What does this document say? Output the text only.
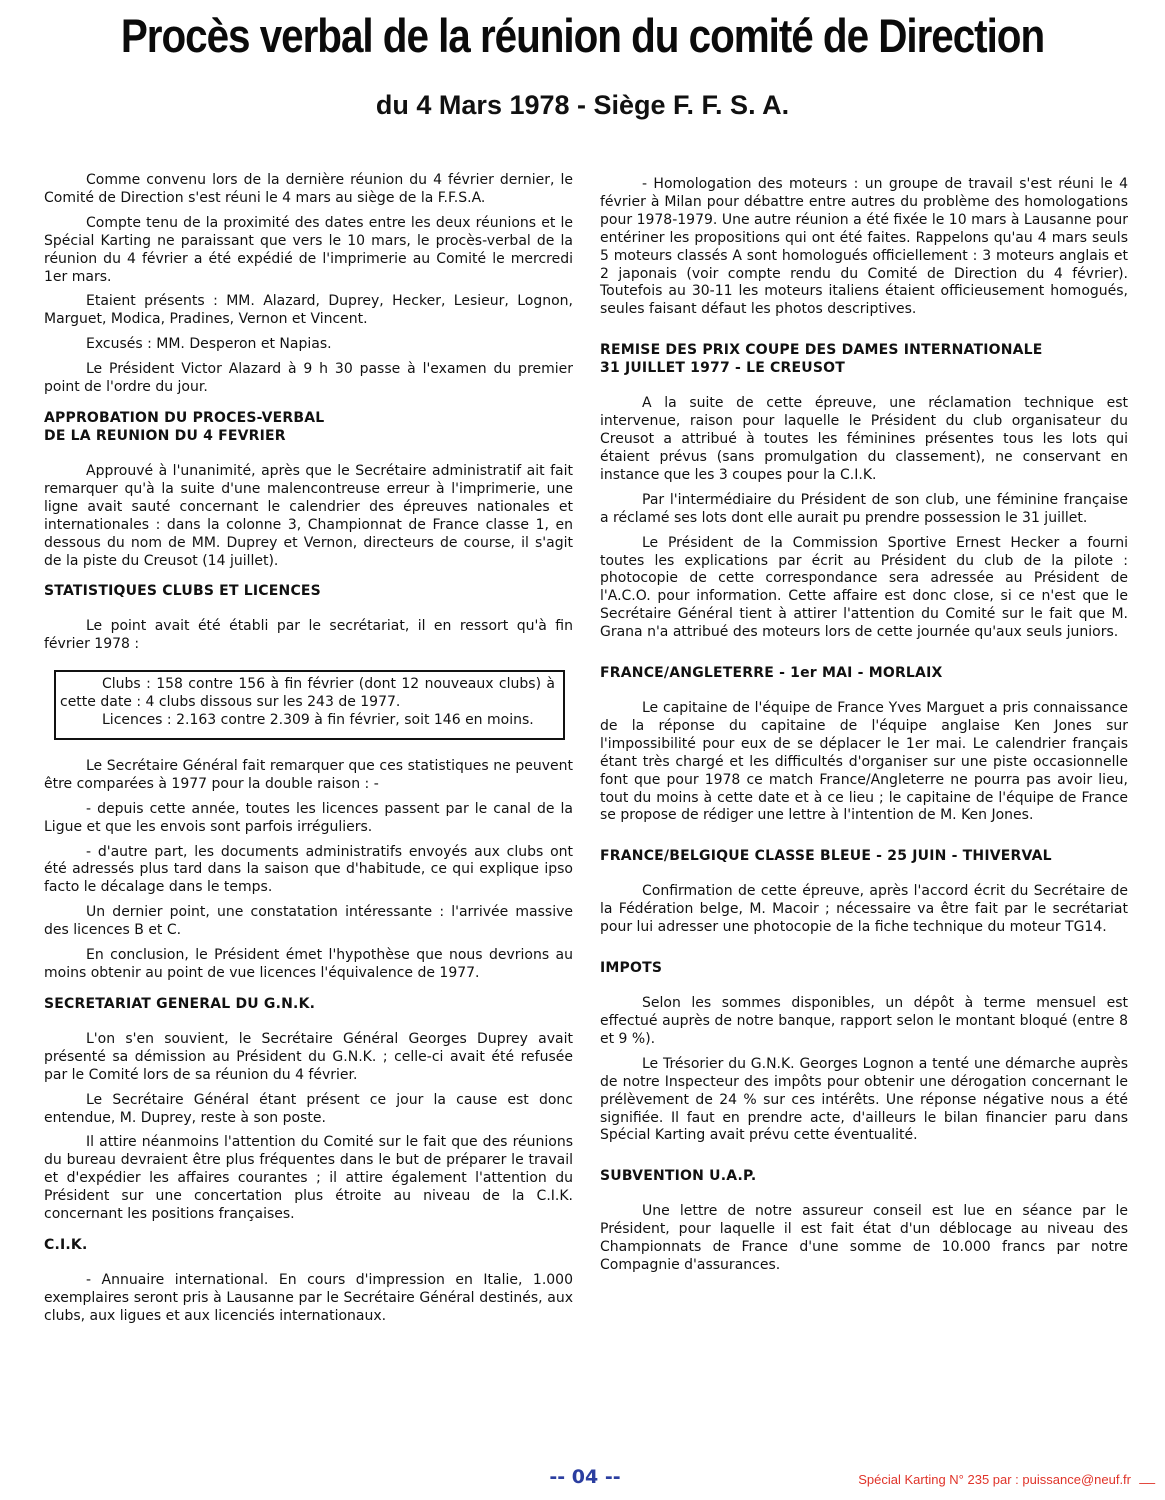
Procès verbal de la réunion du comité de Direction
du 4 Mars 1978 - Siège F. F. S. A.

Comme convenu lors de la dernière réunion du 4 février dernier, le Comité de Direction s'est réuni le 4 mars au siège de la F.F.S.A.

Compte tenu de la proximité des dates entre les deux réunions et le Spécial Karting ne paraissant que vers le 10 mars, le procès-verbal de la réunion du 4 février a été expédié de l'imprimerie au Comité le mercredi 1er mars.

Etaient présents : MM. Alazard, Duprey, Hecker, Lesieur, Lognon, Marguet, Modica, Pradines, Vernon et Vincent.

Excusés : MM. Desperon et Napias.

Le Président Victor Alazard à 9 h 30 passe à l'examen du premier point de l'ordre du jour.

APPROBATION DU PROCES-VERBAL
DE LA REUNION DU 4 FEVRIER

Approuvé à l'unanimité, après que le Secrétaire administratif ait fait remarquer qu'à la suite d'une malencontreuse erreur à l'imprimerie, une ligne avait sauté concernant le calendrier des épreuves nationales et internationales : dans la colonne 3, Championnat de France classe 1, en dessous du nom de MM. Duprey et Vernon, directeurs de course, il s'agit de la piste du Creusot (14 juillet).

STATISTIQUES CLUBS ET LICENCES

Le point avait été établi par le secrétariat, il en ressort qu'à fin février 1978 :

Clubs : 158 contre 156 à fin février (dont 12 nouveaux clubs) à cette date : 4 clubs dissous sur les 243 de 1977.

Licences : 2.163 contre 2.309 à fin février, soit 146 en moins.

Le Secrétaire Général fait remarquer que ces statistiques ne peuvent être comparées à 1977 pour la double raison : -

- depuis cette année, toutes les licences passent par le canal de la Ligue et que les envois sont parfois irréguliers.

- d'autre part, les documents administratifs envoyés aux clubs ont été adressés plus tard dans la saison que d'habitude, ce qui explique ipso facto le décalage dans le temps.

Un dernier point, une constatation intéressante : l'arrivée massive des licences B et C.

En conclusion, le Président émet l'hypothèse que nous devrions au moins obtenir au point de vue licences l'équivalence de 1977.

SECRETARIAT GENERAL DU G.N.K.

L'on s'en souvient, le Secrétaire Général Georges Duprey avait présenté sa démission au Président du G.N.K. ; celle-ci avait été refusée par le Comité lors de sa réunion du 4 février.

Le Secrétaire Général étant présent ce jour la cause est donc entendue, M. Duprey, reste à son poste.

Il attire néanmoins l'attention du Comité sur le fait que des réunions du bureau devraient être plus fréquentes dans le but de préparer le travail et d'expédier les affaires courantes ; il attire également l'attention du Président sur une concertation plus étroite au niveau de la C.I.K. concernant les positions françaises.

C.I.K.

- Annuaire international. En cours d'impression en Italie, 1.000 exemplaires seront pris à Lausanne par le Secrétaire Général destinés, aux clubs, aux ligues et aux licenciés internationaux.

- Homologation des moteurs : un groupe de travail s'est réuni le 4 février à Milan pour débattre entre autres du problème des homologations pour 1978-1979. Une autre réunion a été fixée le 10 mars à Lausanne pour entériner les propositions qui ont été faites. Rappelons qu'au 4 mars seuls 5 moteurs classés A sont homologués officiellement : 3 moteurs anglais et 2 japonais (voir compte rendu du Comité de Direction du 4 février). Toutefois au 30-11 les moteurs italiens étaient officieusement homogués, seules faisant défaut les photos descriptives.

REMISE DES PRIX COUPE DES DAMES INTERNATIONALE
31 JUILLET 1977 - LE CREUSOT

A la suite de cette épreuve, une réclamation technique est intervenue, raison pour laquelle le Président du club organisateur du Creusot a attribué à toutes les féminines présentes tous les lots qui étaient prévus (sans promulgation du classement), ne conservant en instance que les 3 coupes pour la C.I.K.

Par l'intermédiaire du Président de son club, une féminine française a réclamé ses lots dont elle aurait pu prendre possession le 31 juillet.

Le Président de la Commission Sportive Ernest Hecker a fourni toutes les explications par écrit au Président du club de la pilote : photocopie de cette correspondance sera adressée au Président de l'A.C.O. pour information. Cette affaire est donc close, si ce n'est que le Secrétaire Général tient à attirer l'attention du Comité sur le fait que M. Grana n'a attribué des moteurs lors de cette journée qu'aux seuls juniors.

FRANCE/ANGLETERRE - 1er MAI - MORLAIX

Le capitaine de l'équipe de France Yves Marguet a pris connaissance de la réponse du capitaine de l'équipe anglaise Ken Jones sur l'impossibilité pour eux de se déplacer le 1er mai. Le calendrier français étant très chargé et les difficultés d'organiser sur une piste occasionnelle font que pour 1978 ce match France/Angleterre ne pourra pas avoir lieu, tout du moins à cette date et à ce lieu ; le capitaine de l'équipe de France se propose de rédiger une lettre à l'intention de M. Ken Jones.

FRANCE/BELGIQUE CLASSE BLEUE - 25 JUIN - THIVERVAL

Confirmation de cette épreuve, après l'accord écrit du Secrétaire de la Fédération belge, M. Macoir ; nécessaire va être fait par le secrétariat pour lui adresser une photocopie de la fiche technique du moteur TG14.

IMPOTS

Selon les sommes disponibles, un dépôt à terme mensuel est effectué auprès de notre banque, rapport selon le montant bloqué (entre 8 et 9 %).

Le Trésorier du G.N.K. Georges Lognon a tenté une démarche auprès de notre Inspecteur des impôts pour obtenir une dérogation concernant le prélèvement de 24 % sur ces intérêts. Une réponse négative nous a été signifiée. Il faut en prendre acte, d'ailleurs le bilan financier paru dans Spécial Karting avait prévu cette éventualité.

SUBVENTION U.A.P.

Une lettre de notre assureur conseil est lue en séance par le Président, pour laquelle il est fait état d'un déblocage au niveau des Championnats de France d'une somme de 10.000 francs par notre Compagnie d'assurances.

-- 04 --	Spécial Karting N° 235 par : puissance@neuf.fr __
